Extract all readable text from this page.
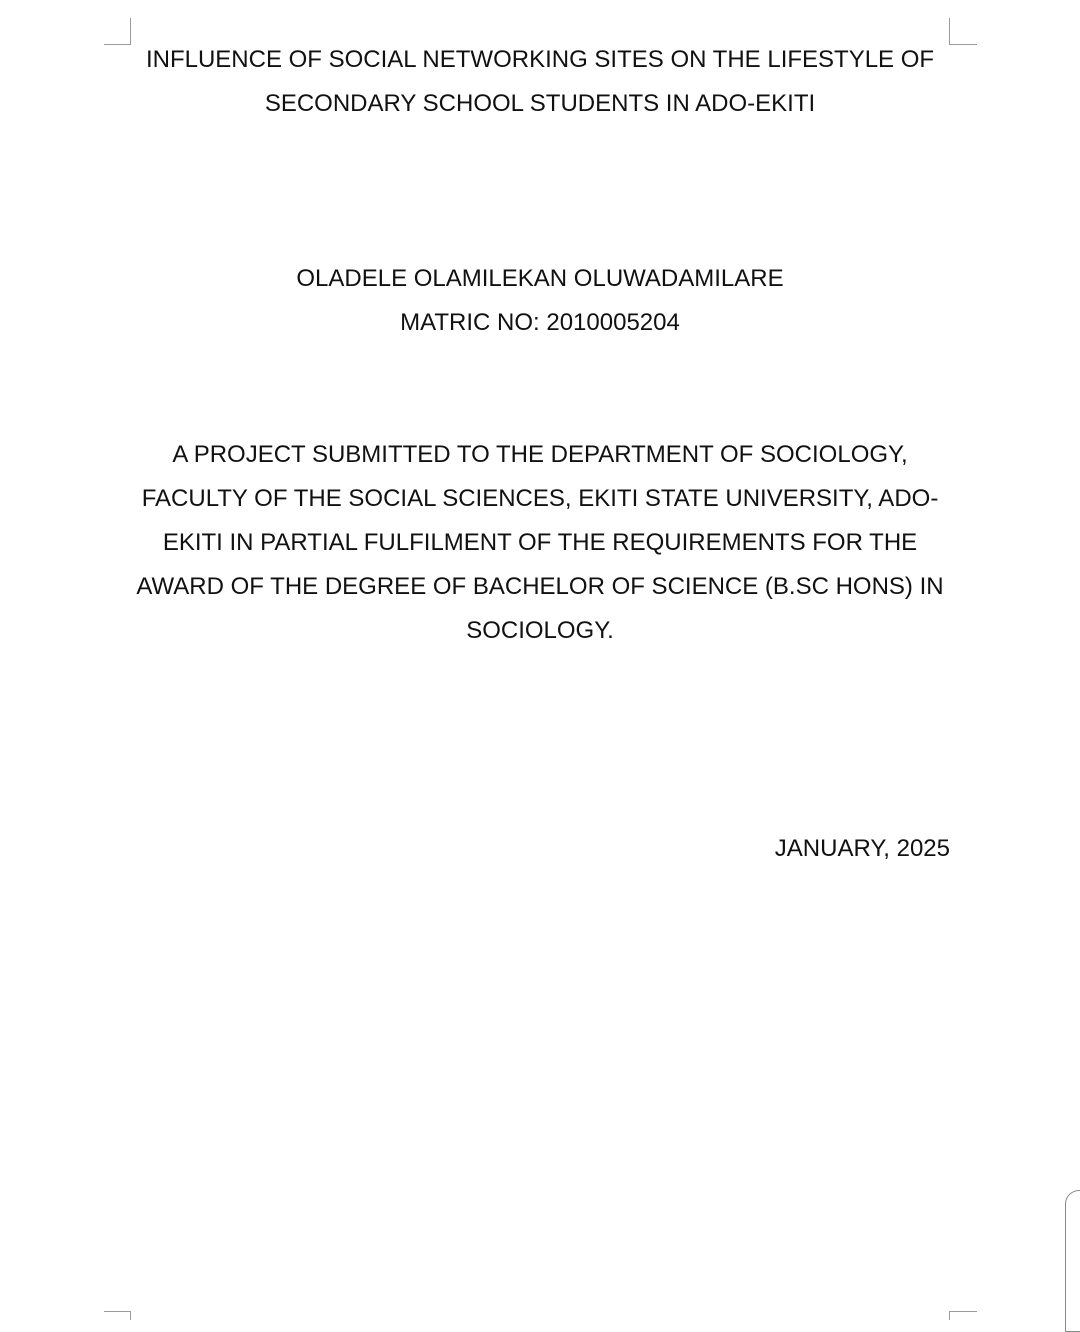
INFLUENCE OF SOCIAL NETWORKING SITES ON THE LIFESTYLE OF
SECONDARY SCHOOL STUDENTS IN ADO-EKITI
OLADELE OLAMILEKAN OLUWADAMILARE
MATRIC NO: 2010005204
A PROJECT SUBMITTED TO THE DEPARTMENT OF SOCIOLOGY,
FACULTY OF THE SOCIAL SCIENCES, EKITI STATE UNIVERSITY, ADO-
EKITI IN PARTIAL FULFILMENT OF THE REQUIREMENTS FOR THE
AWARD OF THE DEGREE OF BACHELOR OF SCIENCE (B.SC HONS) IN
SOCIOLOGY.
JANUARY, 2025
